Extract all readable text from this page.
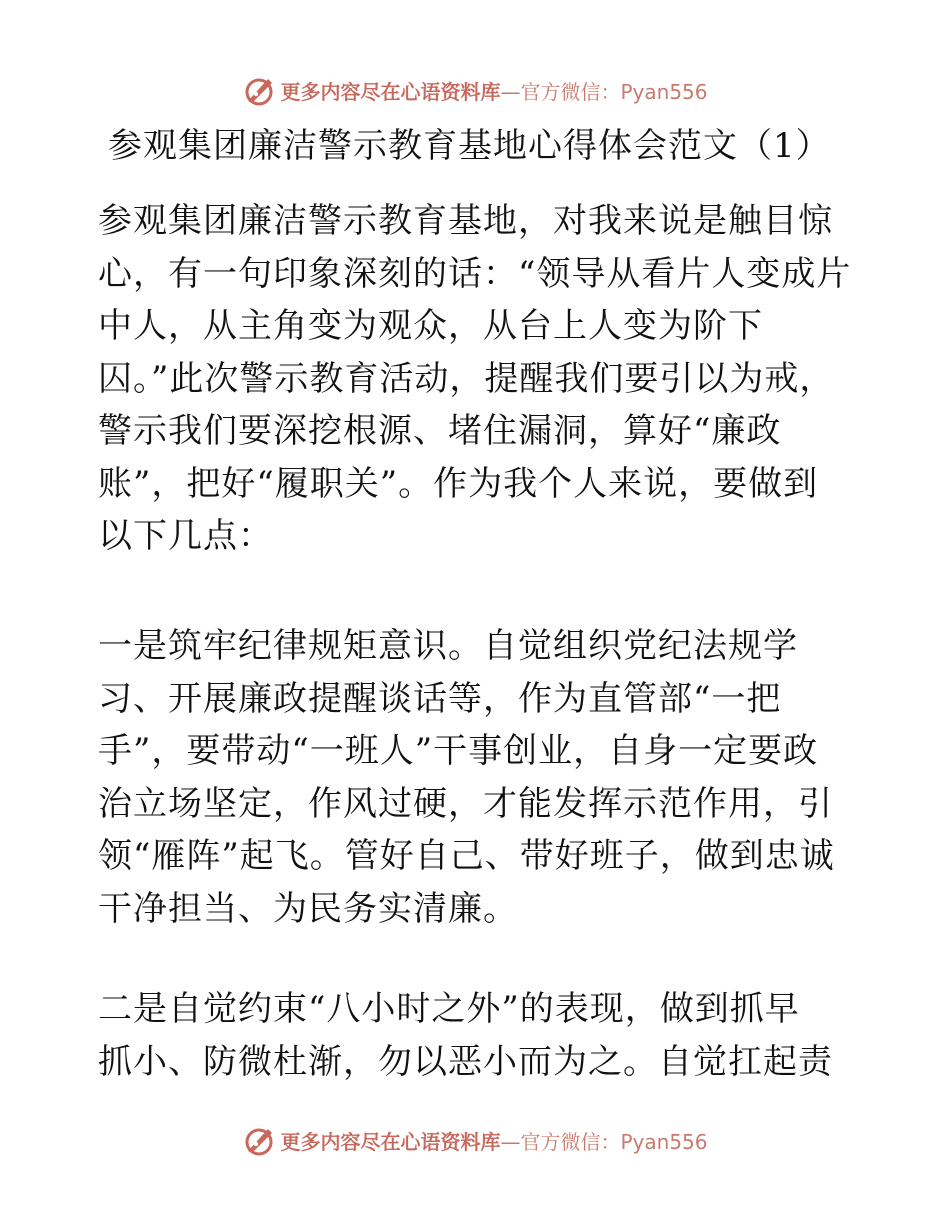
更多内容尽在心语资料库—官方微信：Pyan556
参观集团廉洁警示教育基地心得体会范文（1）
参观集团廉洁警示教育基地，对我来说是触目惊
心，有一句印象深刻的话：“领导从看片人变成片
中人，从主角变为观众，从台上人变为阶下
囚。”此次警示教育活动，提醒我们要引以为戒，
警示我们要深挖根源、堵住漏洞，算好“廉政
账”，把好“履职关”。作为我个人来说，要做到
以下几点：
一是筑牢纪律规矩意识。自觉组织党纪法规学
习、开展廉政提醒谈话等，作为直管部“一把
手”，要带动“一班人”干事创业，自身一定要政
治立场坚定，作风过硬，才能发挥示范作用，引
领“雁阵”起飞。管好自己、带好班子，做到忠诚
干净担当、为民务实清廉。
二是自觉约束“八小时之外”的表现，做到抓早
抓小、防微杜渐，勿以恶小而为之。自觉扛起责
更多内容尽在心语资料库—官方微信：Pyan556
